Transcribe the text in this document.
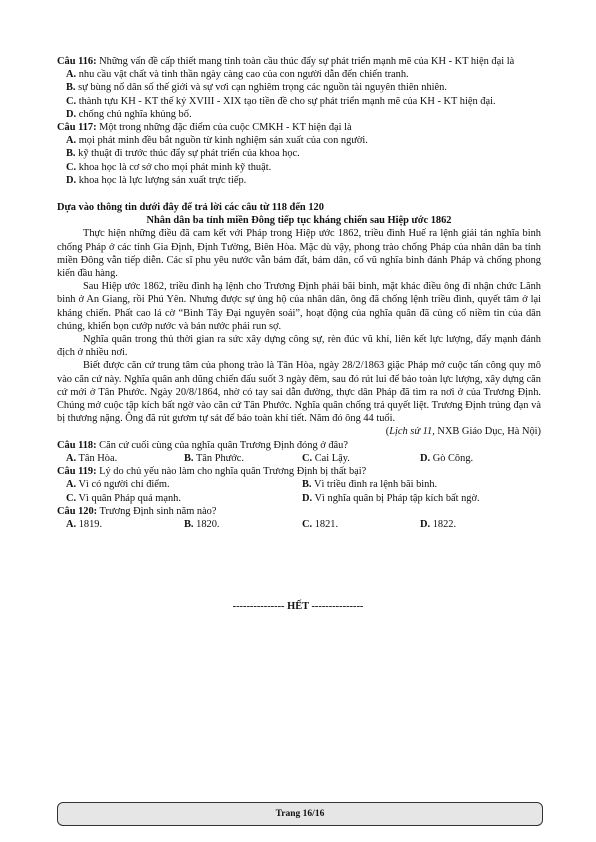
Câu 116: Những vấn đề cấp thiết mang tính toàn cầu thúc đẩy sự phát triển mạnh mẽ của KH - KT hiện đại là
A. nhu cầu vật chất và tinh thần ngày càng cao của con người dẫn đến chiến tranh.
B. sự bùng nổ dân số thế giới và sự vơi cạn nghiêm trọng các nguồn tài nguyên thiên nhiên.
C. thành tựu KH - KT thế kỷ XVIII - XIX tạo tiền đề cho sự phát triển mạnh mẽ của KH - KT hiện đại.
D. chống chủ nghĩa khủng bố.
Câu 117: Một trong những đặc điểm của cuộc CMKH - KT hiện đại là
A. mọi phát minh đều bắt nguồn từ kinh nghiệm sản xuất của con người.
B. kỹ thuật đi trước thúc đẩy sự phát triển của khoa học.
C. khoa học là cơ sở cho mọi phát minh kỹ thuật.
D. khoa học là lực lượng sản xuất trực tiếp.
Dựa vào thông tin dưới đây để trả lời các câu từ 118 đến 120
Nhân dân ba tỉnh miền Đông tiếp tục kháng chiến sau Hiệp ước 1862
Thực hiện những điều đã cam kết với Pháp trong Hiệp ước 1862, triều đình Huế ra lệnh giải tán nghĩa binh chống Pháp ở các tỉnh Gia Định, Định Tường, Biên Hòa. Mặc dù vậy, phong trào chống Pháp của nhân dân ba tỉnh miền Đông vẫn tiếp diễn. Các sĩ phu yêu nước vẫn bám đất, bám dân, cổ vũ nghĩa binh đánh Pháp và chống phong kiến đầu hàng.
Sau Hiệp ước 1862, triều đình hạ lệnh cho Trương Định phải bãi binh, mặt khác điều ông đi nhận chức Lãnh binh ở An Giang, rồi Phú Yên. Nhưng được sự ủng hộ của nhân dân, ông đã chống lệnh triều đình, quyết tâm ở lại kháng chiến. Phất cao lá cờ “Bình Tây Đại nguyên soái”, hoạt động của nghĩa quân đã củng cố niềm tin của dân chúng, khiến bọn cướp nước và bán nước phải run sợ.
Nghĩa quân trong thủ thời gian ra sức xây dựng công sự, rèn đúc vũ khí, liên kết lực lượng, đẩy mạnh đánh địch ở nhiều nơi.
Biết được căn cứ trung tâm của phong trào là Tân Hòa, ngày 28/2/1863 giặc Pháp mở cuộc tấn công quy mô vào căn cứ này. Nghĩa quân anh dũng chiến đấu suốt 3 ngày đêm, sau đó rút lui để bảo toàn lực lượng, xây dựng căn cứ mới ở Tân Phước. Ngày 20/8/1864, nhờ có tay sai dẫn đường, thực dân Pháp đã tìm ra nơi ở của Trương Định. Chúng mở cuộc tập kích bất ngờ vào căn cứ Tân Phước. Nghĩa quân chống trả quyết liệt. Trương Định trúng đạn và bị thương nặng. Ông đã rút gươm tự sát để bảo toàn khí tiết. Năm đó ông 44 tuổi.
(Lịch sử 11, NXB Giáo Dục, Hà Nội)
Câu 118: Căn cứ cuối cùng của nghĩa quân Trương Định đóng ở đâu?
A. Tân Hòa.	B. Tân Phước.	C. Cai Lậy.	D. Gò Công.
Câu 119: Lý do chủ yếu nào làm cho nghĩa quân Trương Định bị thất bại?
A. Vì có người chỉ điểm.	B. Vì triều đình ra lệnh bãi binh.
C. Vì quân Pháp quá mạnh.	D. Vì nghĩa quân bị Pháp tập kích bất ngờ.
Câu 120: Trương Định sinh năm nào?
A. 1819.	B. 1820.	C. 1821.	D. 1822.
--------------- HẾT ---------------
Trang 16/16
